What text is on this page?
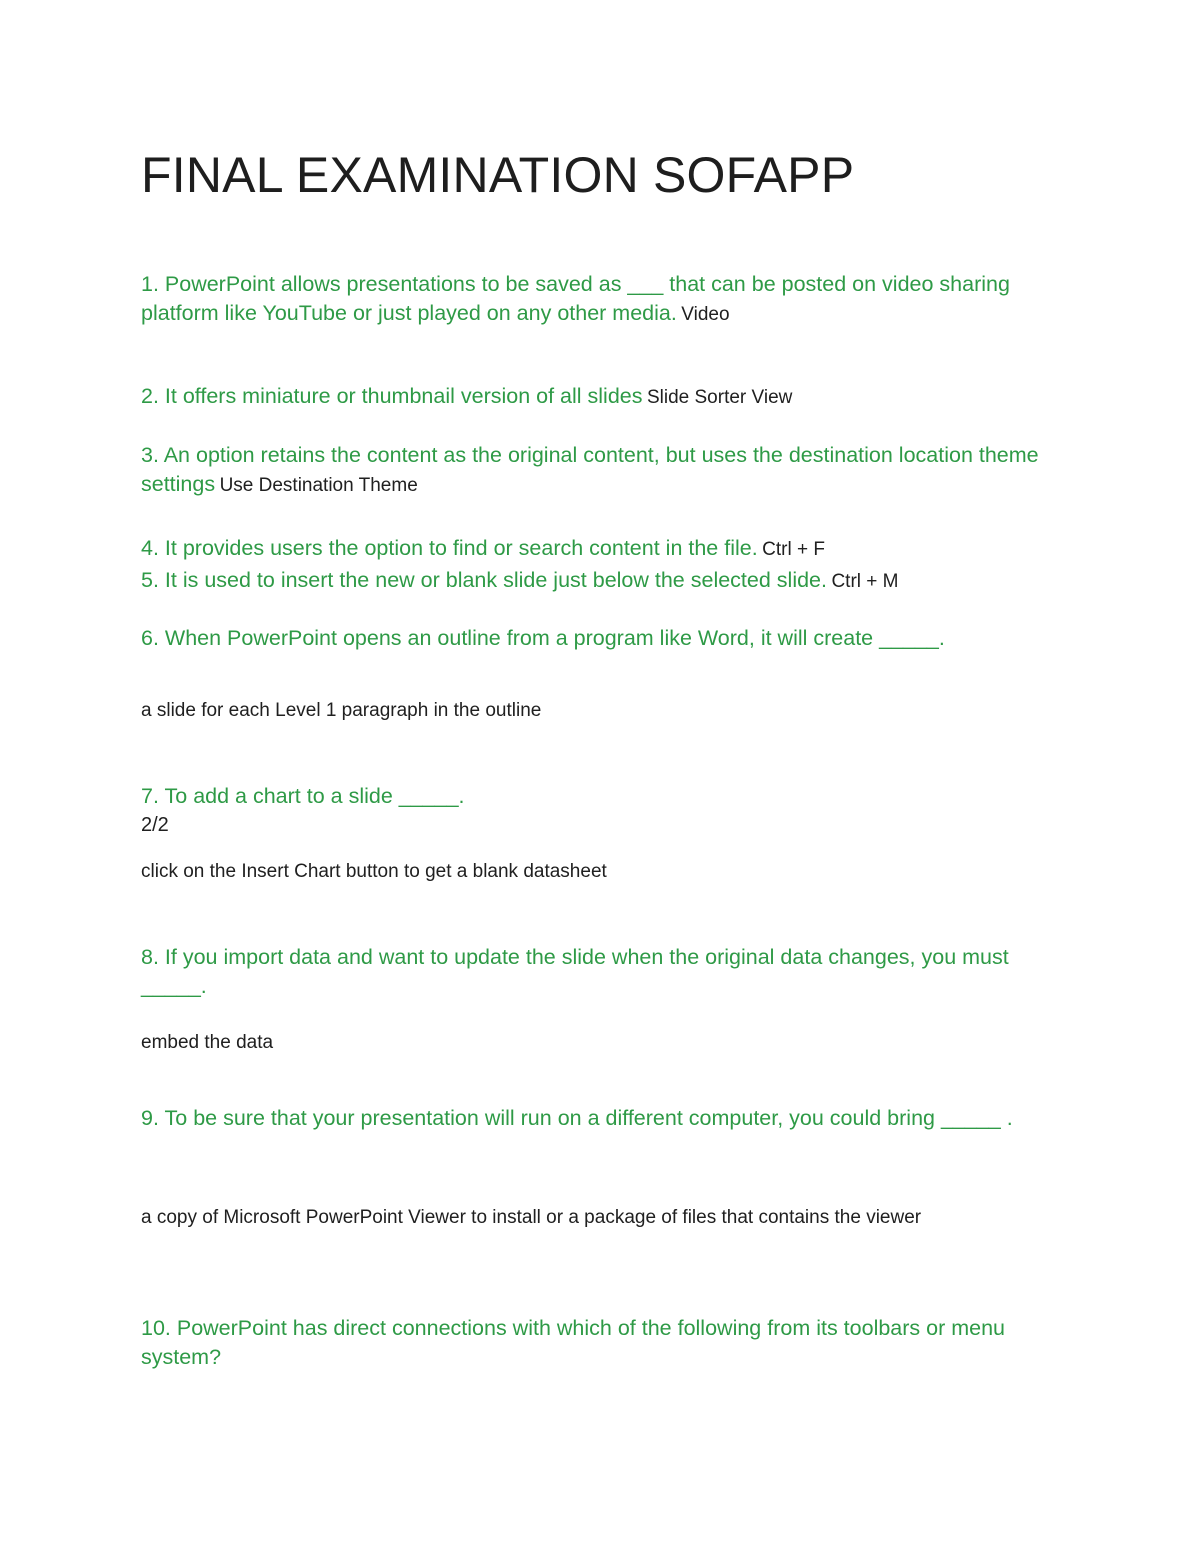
FINAL EXAMINATION SOFAPP
1. PowerPoint allows presentations to be saved as ___ that can be posted on video sharing platform like YouTube or just played on any other media. Video
2. It offers miniature or thumbnail version of all slides Slide Sorter View
3. An option retains the content as the original content, but uses the destination location theme settings Use Destination Theme
4. It provides users the option to find or search content in the file. Ctrl + F
5. It is used to insert the new or blank slide just below the selected slide. Ctrl + M
6. When PowerPoint opens an outline from a program like Word, it will create _____.
a slide for each Level 1 paragraph in the outline
7. To add a chart to a slide _____.
2/2
click on the Insert Chart button to get a blank datasheet
8. If you import data and want to update the slide when the original data changes, you must _____.
embed the data
9. To be sure that your presentation will run on a different computer, you could bring _____ .
a copy of Microsoft PowerPoint Viewer to install or a package of files that contains the viewer
10. PowerPoint has direct connections with which of the following from its toolbars or menu system?
